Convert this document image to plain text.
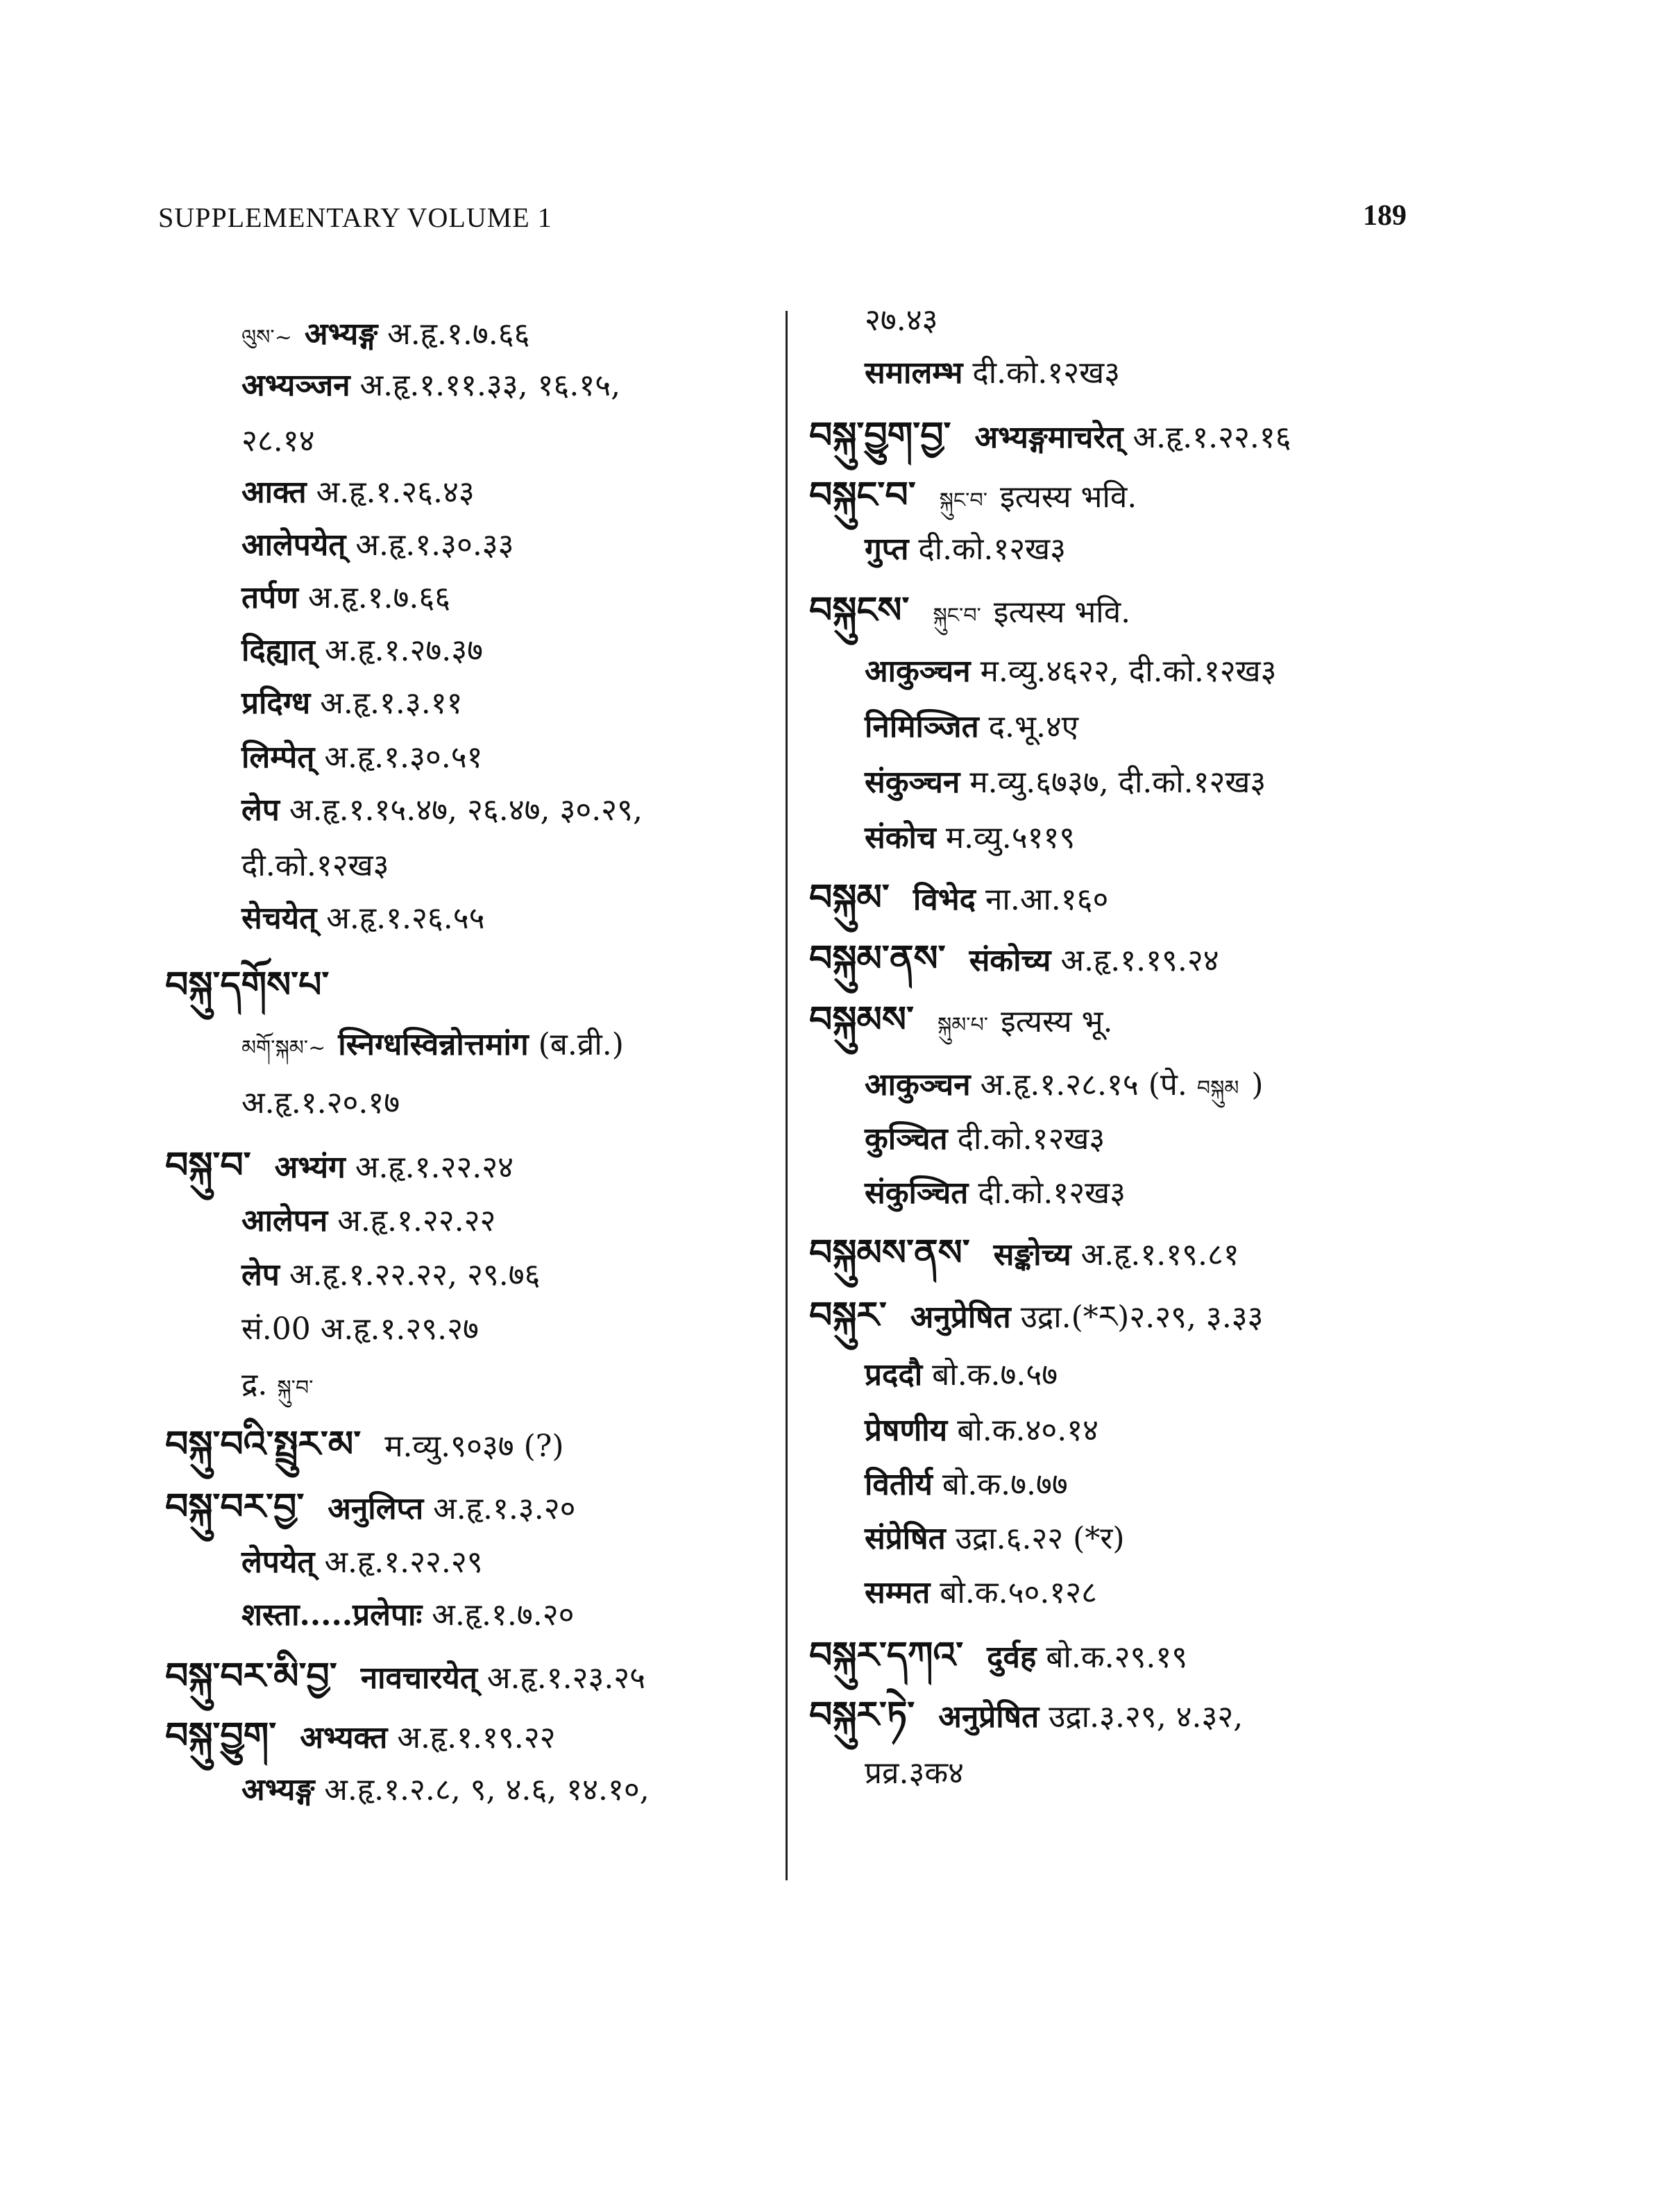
SUPPLEMENTARY VOLUME 1	189
ལུས་~ अभ्यङ्ग अ.हृ.१.७.६६
अभ्यञ्जन अ.हृ.१.११.३३, १६.१५,
२८.१४
आक्त अ.हृ.१.२६.४३
आलेपयेत् अ.हृ.१.३०.३३
तर्पण अ.हृ.१.७.६६
दिह्यात् अ.हृ.१.२७.३७
प्रदिग्ध अ.हृ.१.३.११
लिम्पेत् अ.हृ.१.३०.५१
लेप अ.हृ.१.१५.४७, २६.४७, ३०.२९,
दी.को.१२ख३
सेचयेत् अ.हृ.१.२६.५५
བསྐུ་དགོས་པ་
མགོ་སྐམ་~ स्निग्धस्विन्नोत्तमांग (ब.व्री.)
अ.हृ.१.२०.१७
བསྐུ་བ་ अभ्यंग अ.हृ.१.२२.२४
आलेपन अ.हृ.१.२२.२२
लेप अ.हृ.१.२२.२२, २९.७६
सं.00 अ.हृ.१.२९.२७
द्र. སྐུ་བ་
བསྐུ་བའི་སྤྲུར་མ་ म.व्यु.९०३७ (?)
བསྐུ་བར་བྱ་ अनुलिप्त अ.हृ.१.३.२०
लेपयेत् अ.हृ.१.२२.२९
शस्ता.....प्रलेपाः अ.हृ.१.७.२०
བསྐུ་བར་མི་བྱ་ नावचारयेत् अ.हृ.१.२३.२५
བསྐུ་བྱུག་ अभ्यक्त अ.हृ.१.१९.२२
अभ्यङ्ग अ.हृ.१.२.८, ९, ४.६, १४.१०,
२७.४३
समालम्भ दी.को.१२ख३
བསྐུ་བྱུག་བྱ་ अभ्यङ्गमाचरेत् अ.हृ.१.२२.१६
བསྐུང་བ་ སྐུང་བ་ इत्यस्य भवि.
गुप्त दी.को.१२ख३
བསྐུངས་ སྐུང་བ་ इत्यस्य भवि.
आकुञ्चन म.व्यु.४६२२, दी.को.१२ख३
निमिञ्जित द.भू.४ए
संकुञ्चन म.व्यु.६७३७, दी.को.१२ख३
संकोच म.व्यु.५११९
བསྐུམ་ विभेद ना.आ.१६०
བསྐུམ་ནས་ संकोच्य अ.हृ.१.१९.२४
བསྐུམས་ སྐུམ་པ་ इत्यस्य भू.
आकुञ्चन अ.हृ.१.२८.१५ (पे. བསྐུམ )
कुञ्चित दी.को.१२ख३
संकुञ्चित दी.को.१२ख३
བསྐུམས་ནས་ सङ्कोच्य अ.हृ.१.१९.८१
བསྐུར་ अनुप्रेषित उद्रा.(*ར)२.२९, ३.३३
प्रददौ बो.क.७.५७
प्रेषणीय बो.क.४०.१४
वितीर्य बो.क.७.७७
संप्रेषित उद्रा.६.२२ (*र)
सम्मत बो.क.५०.१२८
བསྐུར་དཀའ་ दुर्वह बो.क.२९.१९
བསྐུར་ཏེ་ अनुप्रेषित उद्रा.३.२९, ४.३२,
प्रव्र.३क४
